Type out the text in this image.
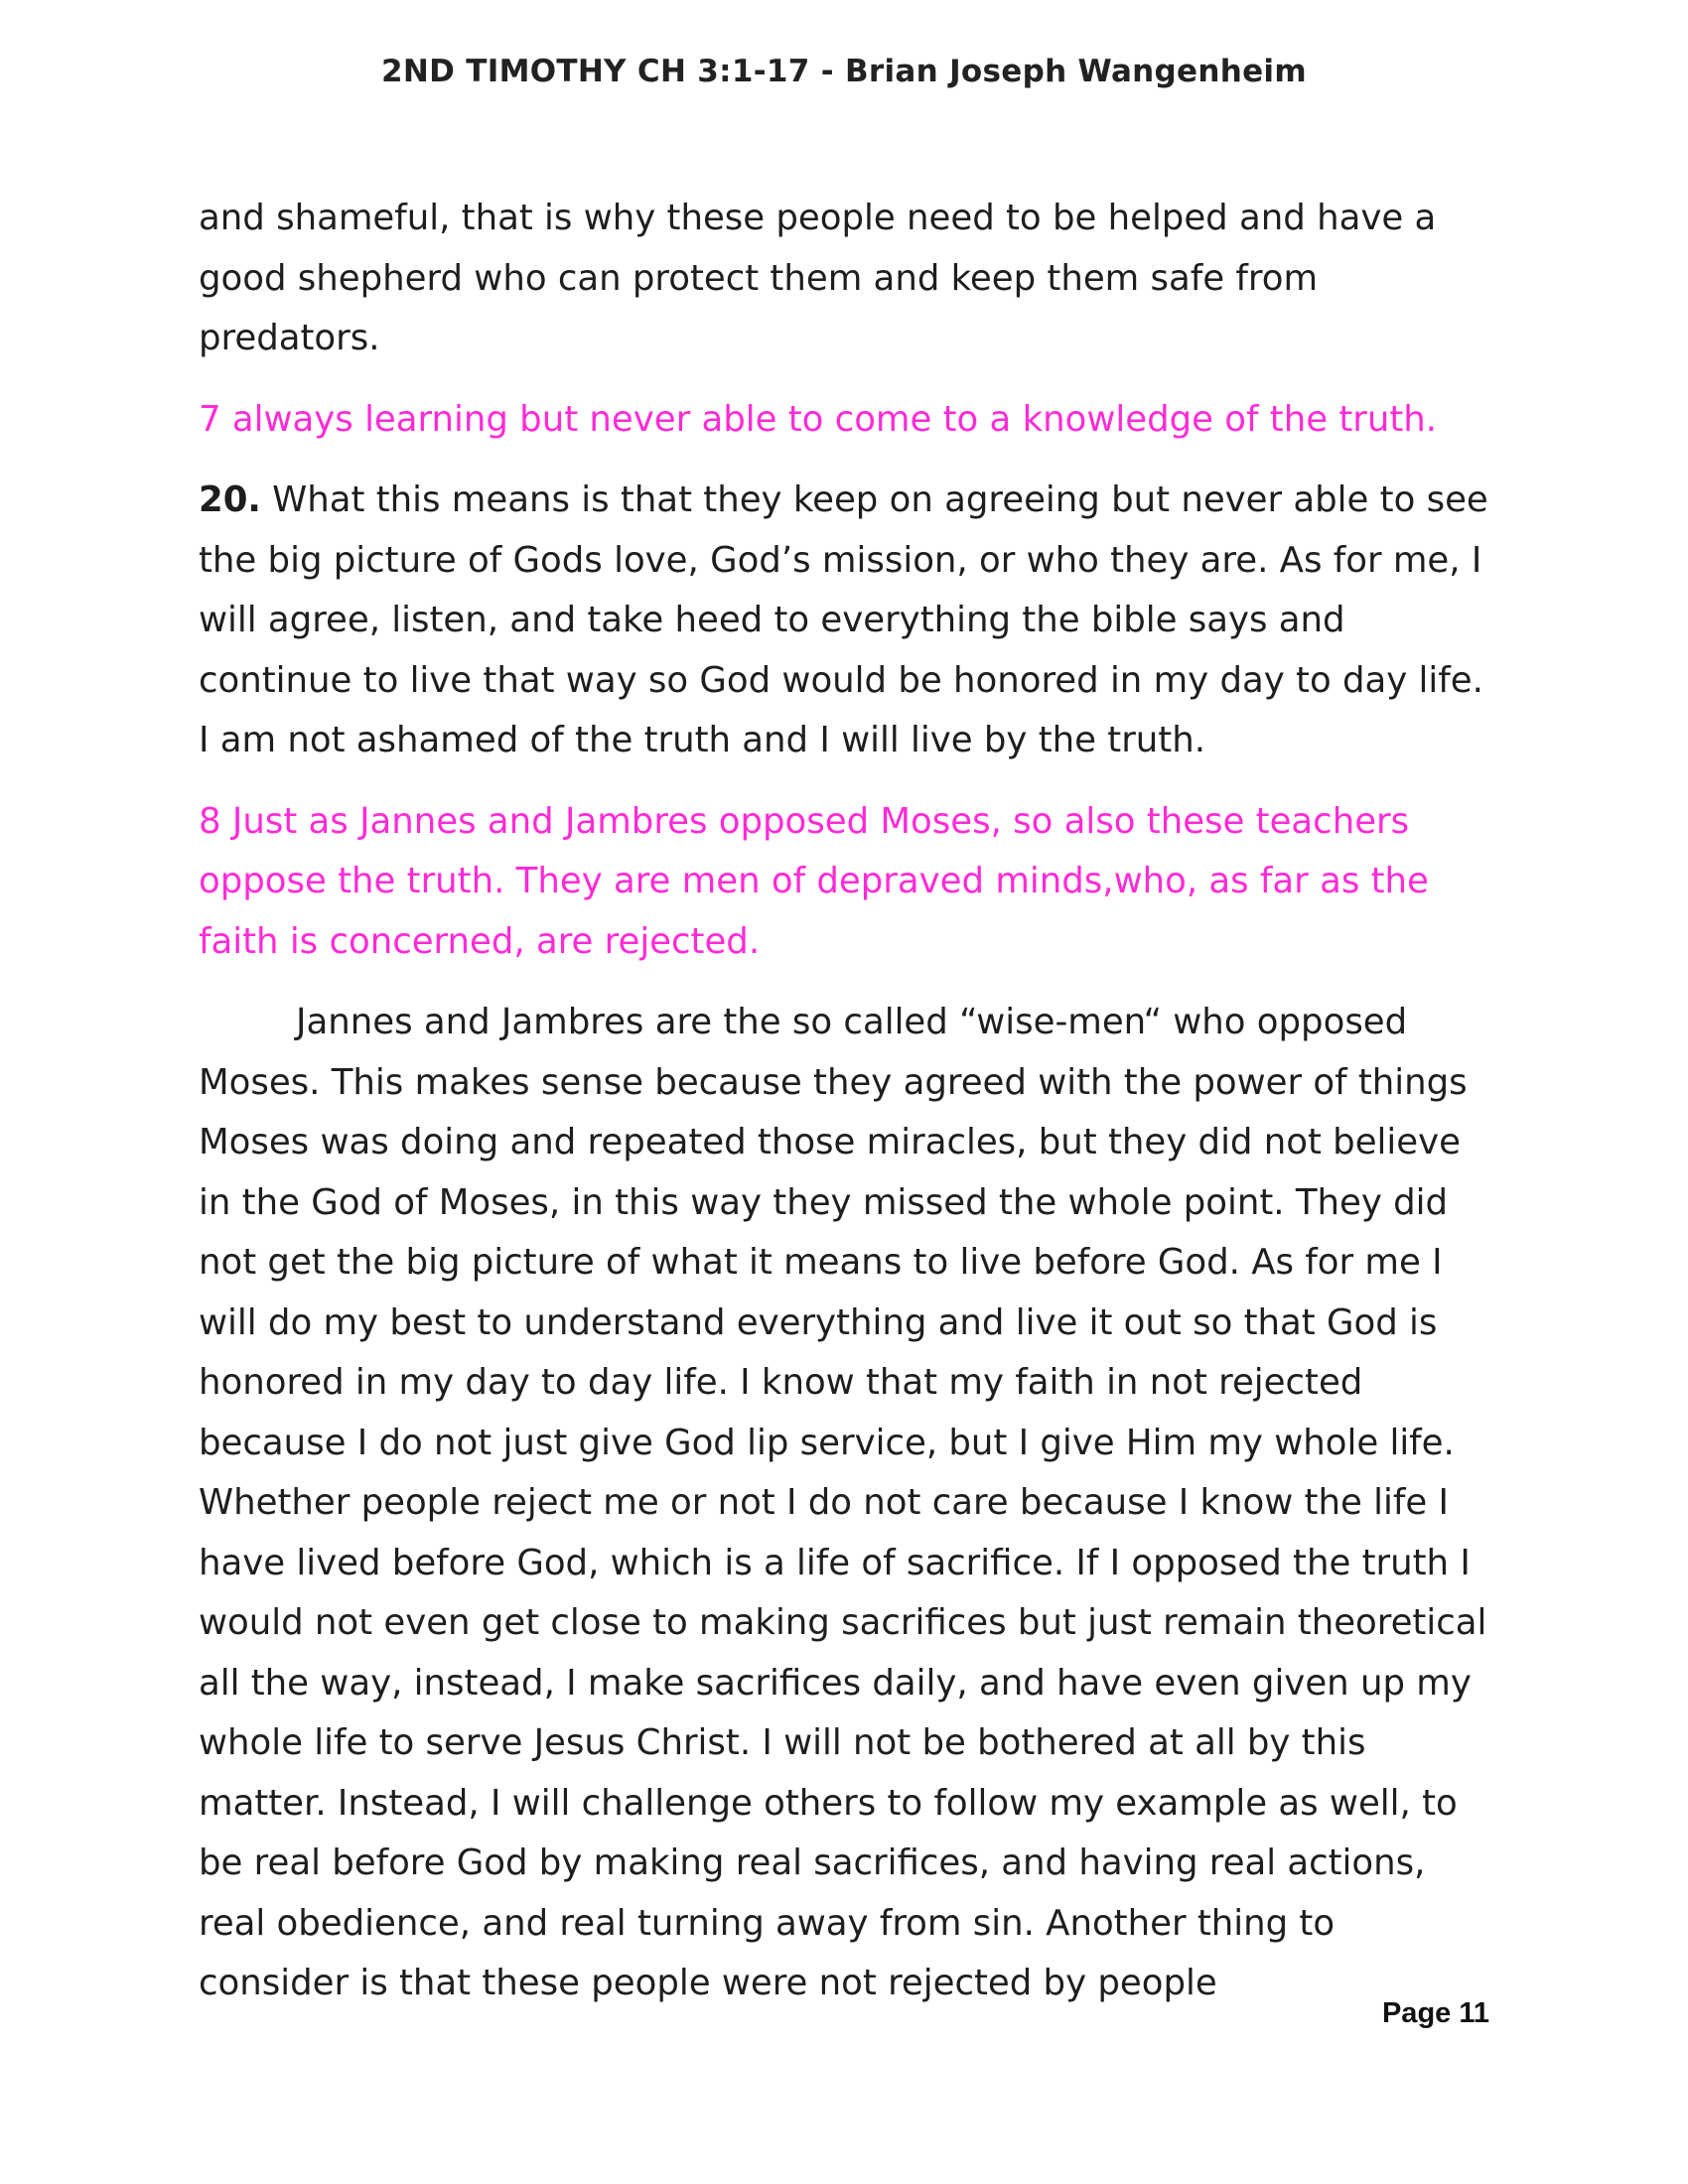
2ND TIMOTHY CH 3:1-17 - Brian Joseph Wangenheim

and shameful, that is why these people need to be helped and have a good shepherd who can protect them and keep them safe from predators.

7 always learning but never able to come to a knowledge of the truth.

20. What this means is that they keep on agreeing but never able to see the big picture of Gods love, God’s mission, or who they are. As for me, I will agree, listen, and take heed to everything the bible says and continue to live that way so God would be honored in my day to day life. I am not ashamed of the truth and I will live by the truth.

8 Just as Jannes and Jambres opposed Moses, so also these teachers oppose the truth. They are men of depraved minds,who, as far as the faith is concerned, are rejected.

Jannes and Jambres are the so called “wise-men“ who opposed Moses. This makes sense because they agreed with the power of things Moses was doing and repeated those miracles, but they did not believe in the God of Moses, in this way they missed the whole point. They did not get the big picture of what it means to live before God. As for me I will do my best to understand everything and live it out so that God is honored in my day to day life. I know that my faith in not rejected because I do not just give God lip service, but I give Him my whole life. Whether people reject me or not I do not care because I know the life I have lived before God, which is a life of sacrifice. If I opposed the truth I would not even get close to making sacrifices but just remain theoretical all the way, instead, I make sacrifices daily, and have even given up my whole life to serve Jesus Christ. I will not be bothered at all by this matter. Instead, I will challenge others to follow my example as well, to be real before God by making real sacrifices, and having real actions, real obedience, and real turning away from sin. Another thing to consider is that these people were not rejected by people

Page 11
